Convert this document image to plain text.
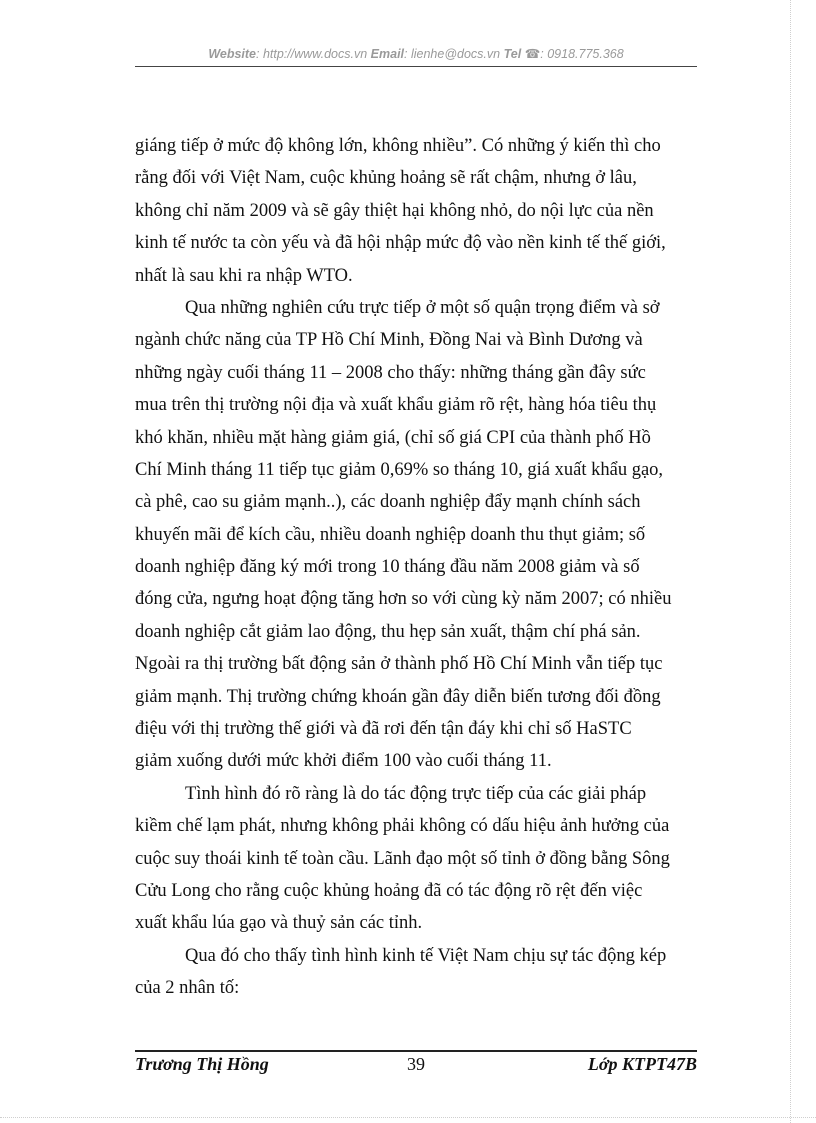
Website: http://www.docs.vn Email: lienhe@docs.vn Tel ☎: 0918.775.368
giáng tiếp ở mức độ không lớn, không nhiều”. Có những ý kiến thì cho
rằng đối với Việt Nam, cuộc khủng hoảng sẽ rất chậm, nhưng ở lâu,
không chỉ năm 2009 và sẽ gây thiệt hại không nhỏ, do nội lực của nền
kinh tế nước ta còn yếu và đã hội nhập mức độ vào nền kinh tế thế giới,
nhất là sau khi ra nhập WTO.
Qua những nghiên cứu trực tiếp ở một số quận trọng điểm và sở
ngành chức năng của TP Hồ Chí Minh, Đồng Nai và Bình Dương và
những ngày cuối tháng 11 – 2008 cho thấy: những tháng gần đây sức
mua trên thị trường nội địa và xuất khẩu giảm rõ rệt, hàng hóa tiêu thụ
khó khăn, nhiều mặt hàng giảm giá, (chỉ số giá CPI của thành phố Hồ
Chí Minh tháng 11 tiếp tục giảm 0,69% so tháng 10, giá xuất khẩu gạo,
cà phê, cao su giảm mạnh..), các doanh nghiệp đẩy mạnh chính sách
khuyến mãi để kích cầu, nhiều doanh nghiệp doanh thu thụt giảm; số
doanh nghiệp đăng ký mới trong 10 tháng đầu năm 2008 giảm và số
đóng cửa, ngưng hoạt động tăng hơn so với cùng kỳ năm 2007; có nhiều
doanh nghiệp cắt giảm lao động, thu hẹp sản xuất, thậm chí phá sản.
Ngoài ra thị trường bất động sản ở thành phố Hồ Chí Minh vẫn tiếp tục
giảm mạnh. Thị trường chứng khoán gần đây diễn biến tương đối đồng
điệu với thị trường thế giới và đã rơi đến tận đáy khi chỉ số HaSTC
giảm xuống dưới mức khởi điểm 100 vào cuối tháng 11.
Tình hình đó rõ ràng là do tác động trực tiếp của các giải pháp
kiềm chế lạm phát, nhưng không phải không có dấu hiệu ảnh hưởng của
cuộc suy thoái kinh tế toàn cầu. Lãnh đạo một số tỉnh ở đồng bằng Sông
Cửu Long cho rằng cuộc khủng hoảng đã có tác động rõ rệt đến việc
xuất khẩu lúa gạo và thuỷ sản các tỉnh.
Qua đó cho thấy tình hình kinh tế Việt Nam chịu sự tác động kép
của 2 nhân tố:
Trương Thị Hồng	39	Lớp KTPT47B
